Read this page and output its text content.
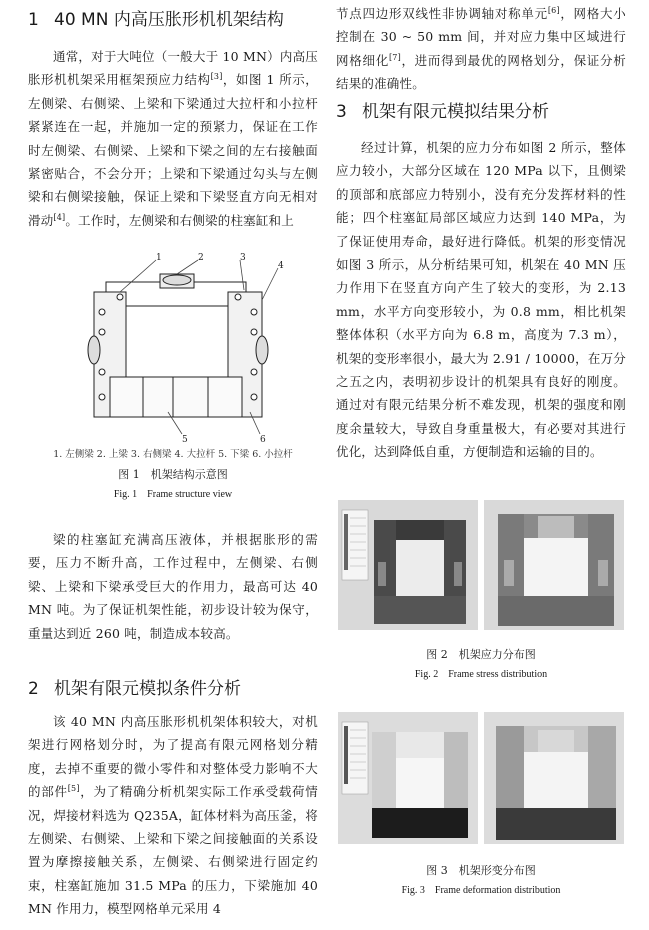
1 40 MN 内高压胀形机机架结构

通常，对于大吨位（一般大于 10 MN）内高压胀形机机架采用框架预应力结构[3]，如图 1 所示，左侧梁、右侧梁、上梁和下梁通过大拉杆和小拉杆紧紧连在一起，并施加一定的预紧力，保证在工作时左侧梁、右侧梁、上梁和下梁之间的左右接触面紧密贴合，不会分开；上梁和下梁通过勾头与左侧梁和右侧梁接触，保证上梁和下梁竖直方向无相对滑动[4]。工作时，左侧梁和右侧梁的柱塞缸和上

1	2	3
4
5	6
1. 左侧梁 2. 上梁 3. 右侧梁 4. 大拉杆 5. 下梁 6. 小拉杆
图 1　机架结构示意图
Fig. 1　Frame structure view

梁的柱塞缸充满高压液体，并根据胀形的需要，压力不断升高，工作过程中，左侧梁、右侧梁、上梁和下梁承受巨大的作用力，最高可达 40 MN 吨。为了保证机架性能，初步设计较为保守，重量达到近 260 吨，制造成本较高。

2 机架有限元模拟条件分析

该 40 MN 内高压胀形机机架体积较大，对机架进行网格划分时，为了提高有限元网格划分精度，去掉不重要的微小零件和对整体受力影响不大的部件[5]，为了精确分析机架实际工作承受载荷情况，焊接材料选为 Q235A，缸体材料为高压釜，将左侧梁、右侧梁、上梁和下梁之间接触面的关系设置为摩擦接触关系，左侧梁、右侧梁进行固定约束，柱塞缸施加 31.5 MPa 的压力，下梁施加 40 MN 作用力，模型网格单元采用 4

节点四边形双线性非协调轴对称单元[6]，网格大小控制在 30 ~ 50 mm 间，并对应力集中区域进行网格细化[7]，进而得到最优的网格划分，保证分析结果的准确性。

3 机架有限元模拟结果分析

经过计算，机架的应力分布如图 2 所示，整体应力较小，大部分区域在 120 MPa 以下，且侧梁的顶部和底部应力特别小，没有充分发挥材料的性能；四个柱塞缸局部区域应力达到 140 MPa，为了保证使用寿命，最好进行降低。机架的形变情况如图 3 所示，从分析结果可知，机架在 40 MN 压力作用下在竖直方向产生了较大的变形，为 2.13 mm，水平方向变形较小，为 0.8 mm，相比机架整体体积（水平方向为 6.8 m，高度为 7.3 m），机架的变形率很小，最大为 2.91 / 10000，在万分之五之内，表明初步设计的机架具有良好的刚度。通过对有限元结果分析不难发现，机架的强度和刚度余量较大，导致自身重量极大，有必要对其进行优化，达到降低自重，方便制造和运输的目的。

图 2　机架应力分布图
Fig. 2　Frame stress distribution
图 3　机架形变分布图
Fig. 3　Frame deformation distribution
